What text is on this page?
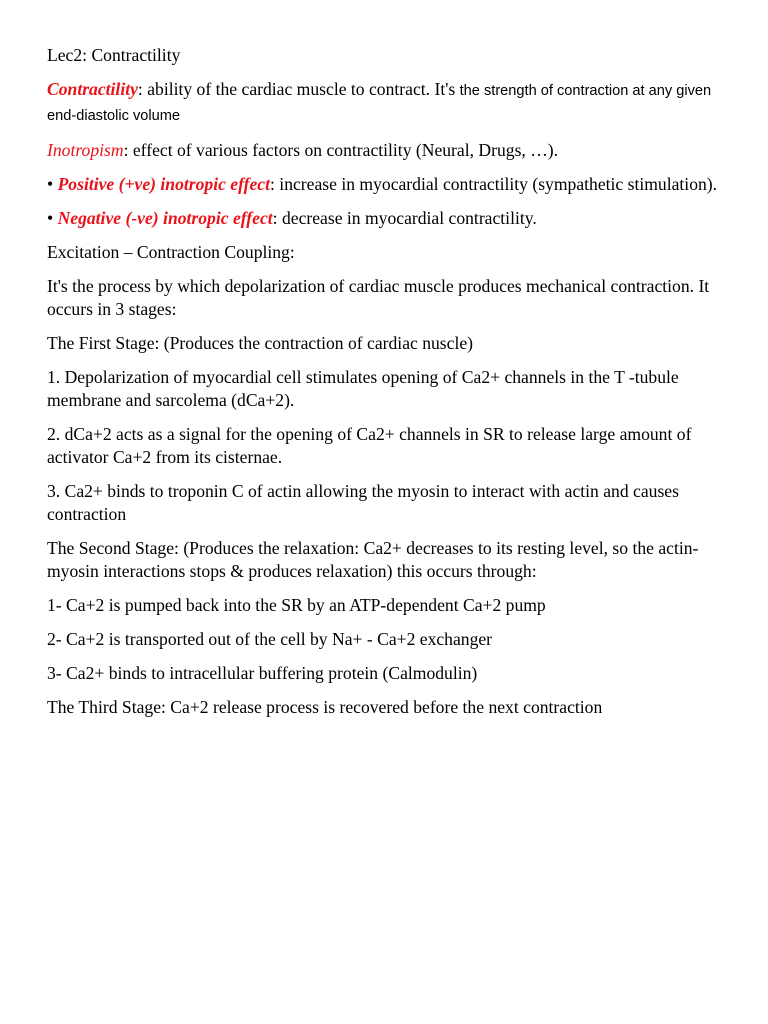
Lec2: Contractility

Contractility: ability of the cardiac muscle to contract. It's the strength of contraction at any given end-diastolic volume

Inotropism: effect of various factors on contractility (Neural, Drugs, …).

• Positive (+ve) inotropic effect: increase in myocardial contractility (sympathetic stimulation).

• Negative (-ve) inotropic effect: decrease in myocardial contractility.

Excitation – Contraction Coupling:

It's the process by which depolarization of cardiac muscle produces mechanical contraction. It occurs in 3 stages:

The First Stage: (Produces the contraction of cardiac nuscle)

1. Depolarization of myocardial cell stimulates opening of Ca2+ channels in the T -tubule membrane and sarcolema (dCa+2).

2. dCa+2 acts as a signal for the opening of Ca2+ channels in SR to release large amount of activator Ca+2 from its cisternae.

3. Ca2+ binds to troponin C of actin allowing the myosin to interact with actin and causes contraction

The Second Stage: (Produces the relaxation: Ca2+ decreases to its resting level, so the actin-myosin interactions stops & produces relaxation) this occurs through:

1- Ca+2 is pumped back into the SR by an ATP-dependent Ca+2 pump

2- Ca+2 is transported out of the cell by Na+ - Ca+2 exchanger

3- Ca2+ binds to intracellular buffering protein (Calmodulin)

The Third Stage: Ca+2 release process is recovered before the next contraction
